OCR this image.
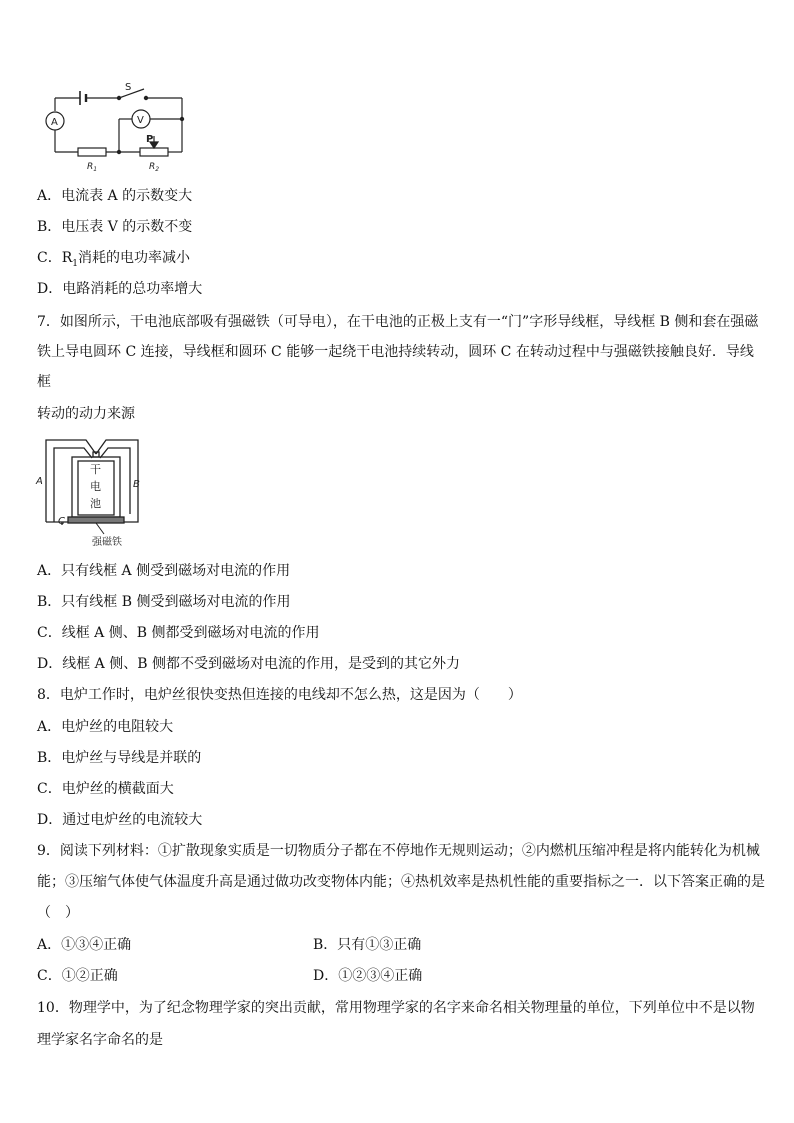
S
A	V
P
$R_1$	$R_2$
A．电流表 A 的示数变大
B．电压表 V 的示数不变
C．$R_1$消耗的电功率减小
D．电路消耗的总功率增大
7．如图所示，干电池底部吸有强磁铁（可导电），在干电池的正极上支有一“门”字形导线框，导线框 B 侧和套在强磁铁上导电圆环 C 连接，导线框和圆环 C 能够一起绕干电池持续转动，圆环 C 在转动过程中与强磁铁接触良好．导线框
转动的动力来源
A	B
C
干
电
池
强磁铁
A．只有线框 A 侧受到磁场对电流的作用
B．只有线框 B 侧受到磁场对电流的作用
C．线框 A 侧、B 侧都受到磁场对电流的作用
D．线框 A 侧、B 侧都不受到磁场对电流的作用，是受到的其它外力
8．电炉工作时，电炉丝很快变热但连接的电线却不怎么热，这是因为（　　）
A．电炉丝的电阻较大
B．电炉丝与导线是并联的
C．电炉丝的横截面大
D．通过电炉丝的电流较大
9．阅读下列材料：①扩散现象实质是一切物质分子都在不停地作无规则运动；②内燃机压缩冲程是将内能转化为机械能；③压缩气体使气体温度升高是通过做功改变物体内能；④热机效率是热机性能的重要指标之一．以下答案正确的是（　）
A．①③④正确	B．只有①③正确
C．①②正确	D．①②③④正确
10．物理学中，为了纪念物理学家的突出贡献，常用物理学家的名字来命名相关物理量的单位，下列单位中不是以物理学家名字命名的是
